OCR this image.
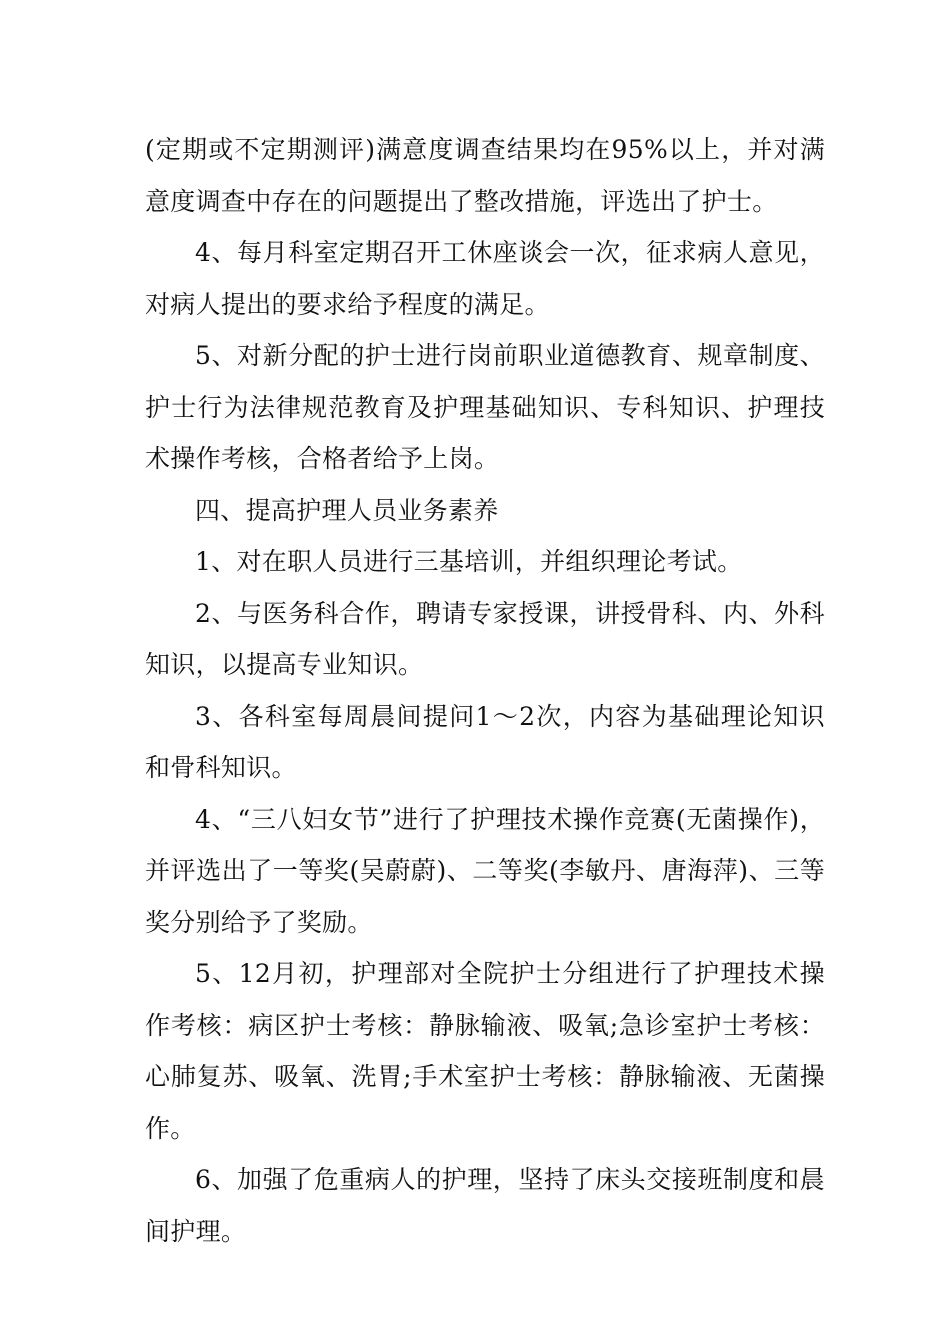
(定期或不定期测评)满意度调查结果均在95%以上，并对满意度调查中存在的问题提出了整改措施，评选出了护士。

4、每月科室定期召开工休座谈会一次，征求病人意见，对病人提出的要求给予程度的满足。

5、对新分配的护士进行岗前职业道德教育、规章制度、护士行为法律规范教育及护理基础知识、专科知识、护理技术操作考核，合格者给予上岗。

四、提高护理人员业务素养

1、对在职人员进行三基培训，并组织理论考试。

2、与医务科合作，聘请专家授课，讲授骨科、内、外科知识，以提高专业知识。

3、各科室每周晨间提问1～2次，内容为基础理论知识和骨科知识。

4、“三八妇女节”进行了护理技术操作竞赛(无菌操作)，并评选出了一等奖(吴蔚蔚)、二等奖(李敏丹、唐海萍)、三等奖分别给予了奖励。

5、12月初，护理部对全院护士分组进行了护理技术操作考核：病区护士考核：静脉输液、吸氧;急诊室护士考核：心肺复苏、吸氧、洗胃;手术室护士考核：静脉输液、无菌操作。

6、加强了危重病人的护理，坚持了床头交接班制度和晨间护理。
